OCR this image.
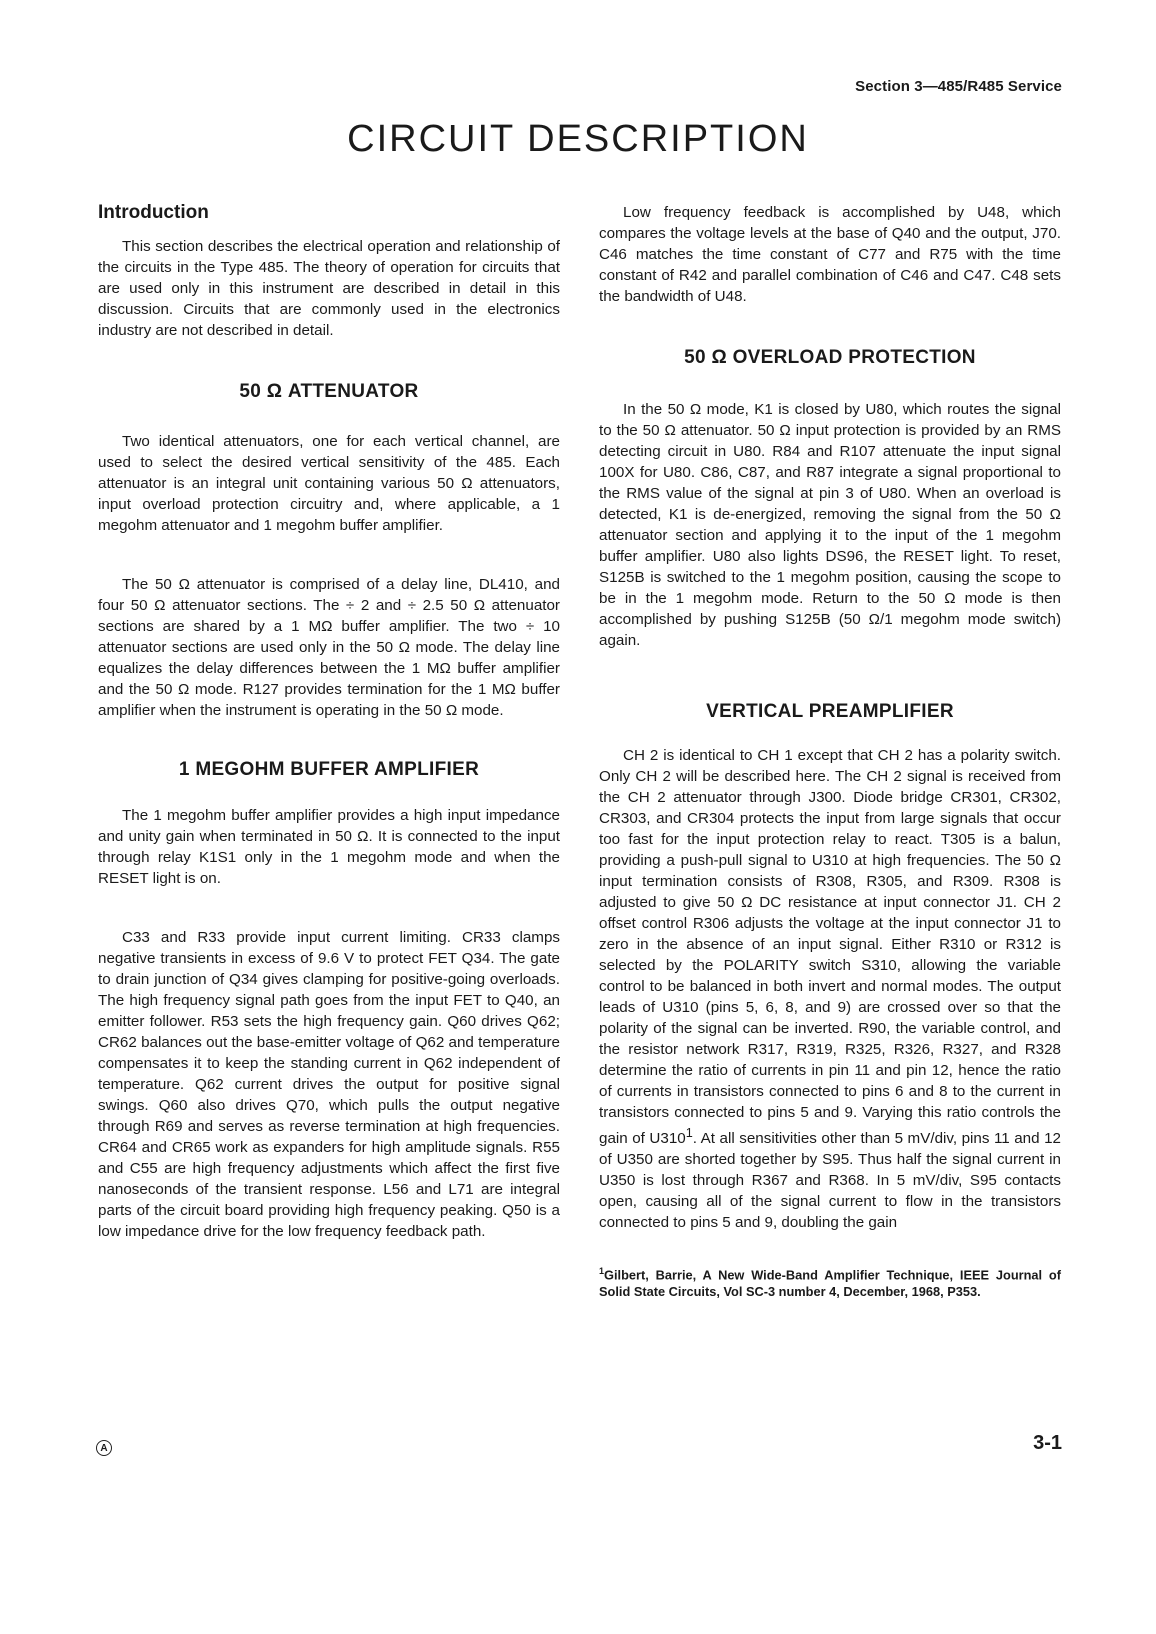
Section 3—485/R485 Service
CIRCUIT DESCRIPTION
Introduction

This section describes the electrical operation and relationship of the circuits in the Type 485. The theory of operation for circuits that are used only in this instrument are described in detail in this discussion. Circuits that are commonly used in the electronics industry are not described in detail.

50 Ω ATTENUATOR

Two identical attenuators, one for each vertical channel, are used to select the desired vertical sensitivity of the 485. Each attenuator is an integral unit containing various 50 Ω attenuators, input overload protection circuitry and, where applicable, a 1 megohm attenuator and 1 megohm buffer amplifier.

The 50 Ω attenuator is comprised of a delay line, DL410, and four 50 Ω attenuator sections. The ÷ 2 and ÷ 2.5 50 Ω attenuator sections are shared by a 1 MΩ buffer amplifier. The two ÷ 10 attenuator sections are used only in the 50 Ω mode. The delay line equalizes the delay differences between the 1 MΩ buffer amplifier and the 50 Ω mode. R127 provides termination for the 1 MΩ buffer amplifier when the instrument is operating in the 50 Ω mode.

1 MEGOHM BUFFER AMPLIFIER

The 1 megohm buffer amplifier provides a high input impedance and unity gain when terminated in 50 Ω. It is connected to the input through relay K1S1 only in the 1 megohm mode and when the RESET light is on.

C33 and R33 provide input current limiting. CR33 clamps negative transients in excess of 9.6 V to protect FET Q34. The gate to drain junction of Q34 gives clamping for positive-going overloads. The high frequency signal path goes from the input FET to Q40, an emitter follower. R53 sets the high frequency gain. Q60 drives Q62; CR62 balances out the base-emitter voltage of Q62 and temperature compensates it to keep the standing current in Q62 independent of temperature. Q62 current drives the output for positive signal swings. Q60 also drives Q70, which pulls the output negative through R69 and serves as reverse termination at high frequencies. CR64 and CR65 work as expanders for high amplitude signals. R55 and C55 are high frequency adjustments which affect the first five nanoseconds of the transient response. L56 and L71 are integral parts of the circuit board providing high frequency peaking. Q50 is a low impedance drive for the low frequency feedback path.

Low frequency feedback is accomplished by U48, which compares the voltage levels at the base of Q40 and the output, J70. C46 matches the time constant of C77 and R75 with the time constant of R42 and parallel combination of C46 and C47. C48 sets the bandwidth of U48.

50 Ω OVERLOAD PROTECTION

In the 50 Ω mode, K1 is closed by U80, which routes the signal to the 50 Ω attenuator. 50 Ω input protection is provided by an RMS detecting circuit in U80. R84 and R107 attenuate the input signal 100X for U80. C86, C87, and R87 integrate a signal proportional to the RMS value of the signal at pin 3 of U80. When an overload is detected, K1 is de-energized, removing the signal from the 50 Ω attenuator section and applying it to the input of the 1 megohm buffer amplifier. U80 also lights DS96, the RESET light. To reset, S125B is switched to the 1 megohm position, causing the scope to be in the 1 megohm mode. Return to the 50 Ω mode is then accomplished by pushing S125B (50 Ω/1 megohm mode switch) again.

VERTICAL PREAMPLIFIER

CH 2 is identical to CH 1 except that CH 2 has a polarity switch. Only CH 2 will be described here. The CH 2 signal is received from the CH 2 attenuator through J300. Diode bridge CR301, CR302, CR303, and CR304 protects the input from large signals that occur too fast for the input protection relay to react. T305 is a balun, providing a push-pull signal to U310 at high frequencies. The 50 Ω input termination consists of R308, R305, and R309. R308 is adjusted to give 50 Ω DC resistance at input connector J1. CH 2 offset control R306 adjusts the voltage at the input connector J1 to zero in the absence of an input signal. Either R310 or R312 is selected by the POLARITY switch S310, allowing the variable control to be balanced in both invert and normal modes. The output leads of U310 (pins 5, 6, 8, and 9) are crossed over so that the polarity of the signal can be inverted. R90, the variable control, and the resistor network R317, R319, R325, R326, R327, and R328 determine the ratio of currents in pin 11 and pin 12, hence the ratio of currents in transistors connected to pins 6 and 8 to the current in transistors connected to pins 5 and 9. Varying this ratio controls the gain of $U310^1$. At all sensitivities other than 5 mV/div, pins 11 and 12 of U350 are shorted together by S95. Thus half the signal current in U350 is lost through R367 and R368. In 5 mV/div, S95 contacts open, causing all of the signal current to flow in the transistors connected to pins 5 and 9, doubling the gain

$^1$Gilbert, Barrie, A New Wide-Band Amplifier Technique, IEEE Journal of Solid State Circuits, Vol SC-3 number 4, December, 1968, P353.

A	3-1
